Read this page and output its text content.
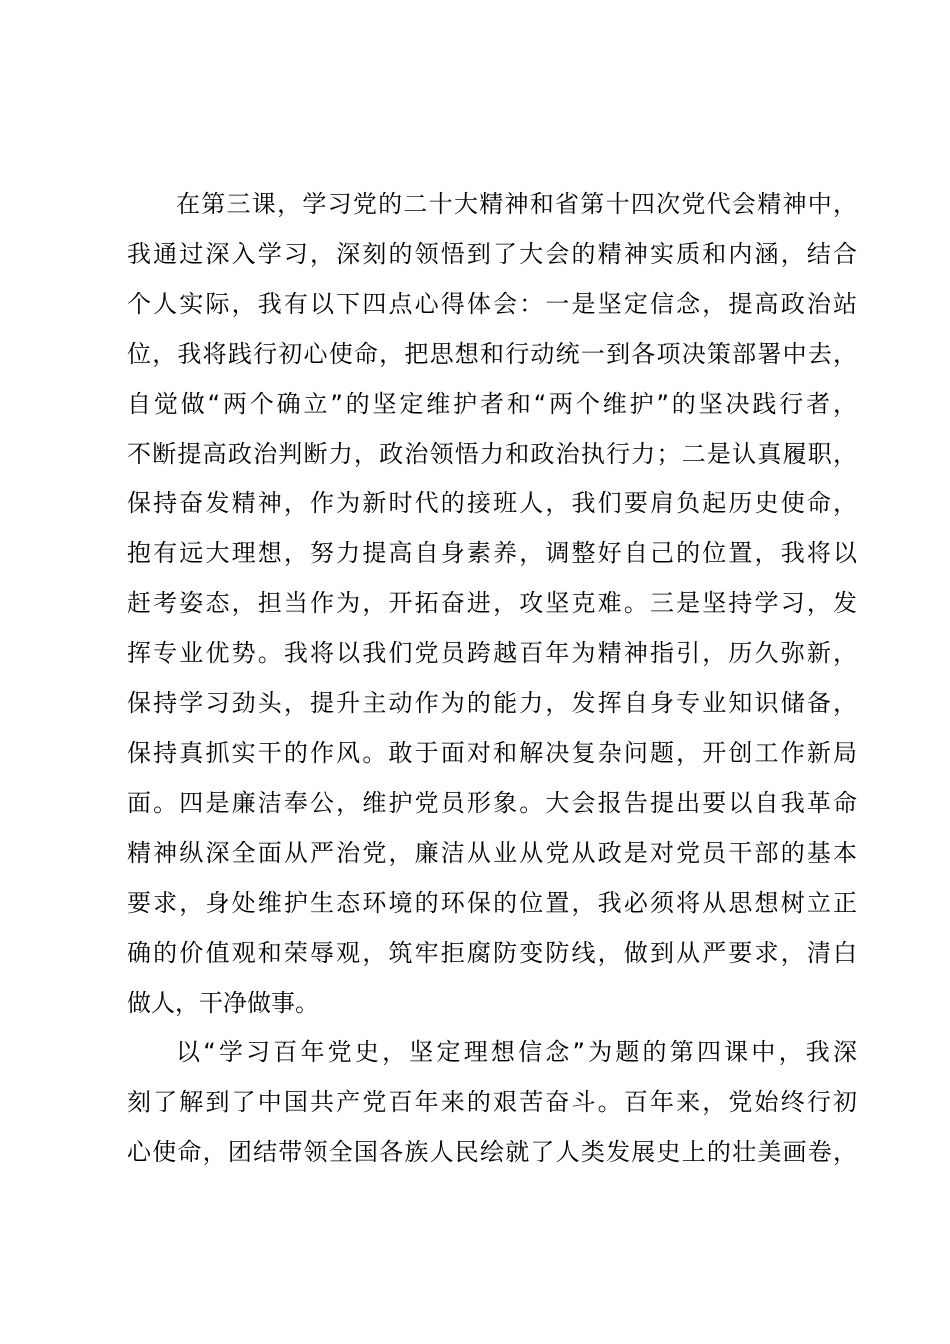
在第三课，学习党的二十大精神和省第十四次党代会精神中，
我通过深入学习，深刻的领悟到了大会的精神实质和内涵，结合
个人实际，我有以下四点心得体会：一是坚定信念，提高政治站
位，我将践行初心使命，把思想和行动统一到各项决策部署中去，
自觉做“两个确立”的坚定维护者和“两个维护”的坚决践行者，
不断提高政治判断力，政治领悟力和政治执行力；二是认真履职，
保持奋发精神，作为新时代的接班人，我们要肩负起历史使命，
抱有远大理想，努力提高自身素养，调整好自己的位置，我将以
赶考姿态，担当作为，开拓奋进，攻坚克难。三是坚持学习，发
挥专业优势。我将以我们党员跨越百年为精神指引，历久弥新，
保持学习劲头，提升主动作为的能力，发挥自身专业知识储备，
保持真抓实干的作风。敢于面对和解决复杂问题，开创工作新局
面。四是廉洁奉公，维护党员形象。大会报告提出要以自我革命
精神纵深全面从严治党，廉洁从业从党从政是对党员干部的基本
要求，身处维护生态环境的环保的位置，我必须将从思想树立正
确的价值观和荣辱观，筑牢拒腐防变防线，做到从严要求，清白
做人，干净做事。

以“学习百年党史，坚定理想信念”为题的第四课中，我深
刻了解到了中国共产党百年来的艰苦奋斗。百年来，党始终行初
心使命，团结带领全国各族人民绘就了人类发展史上的壮美画卷，
